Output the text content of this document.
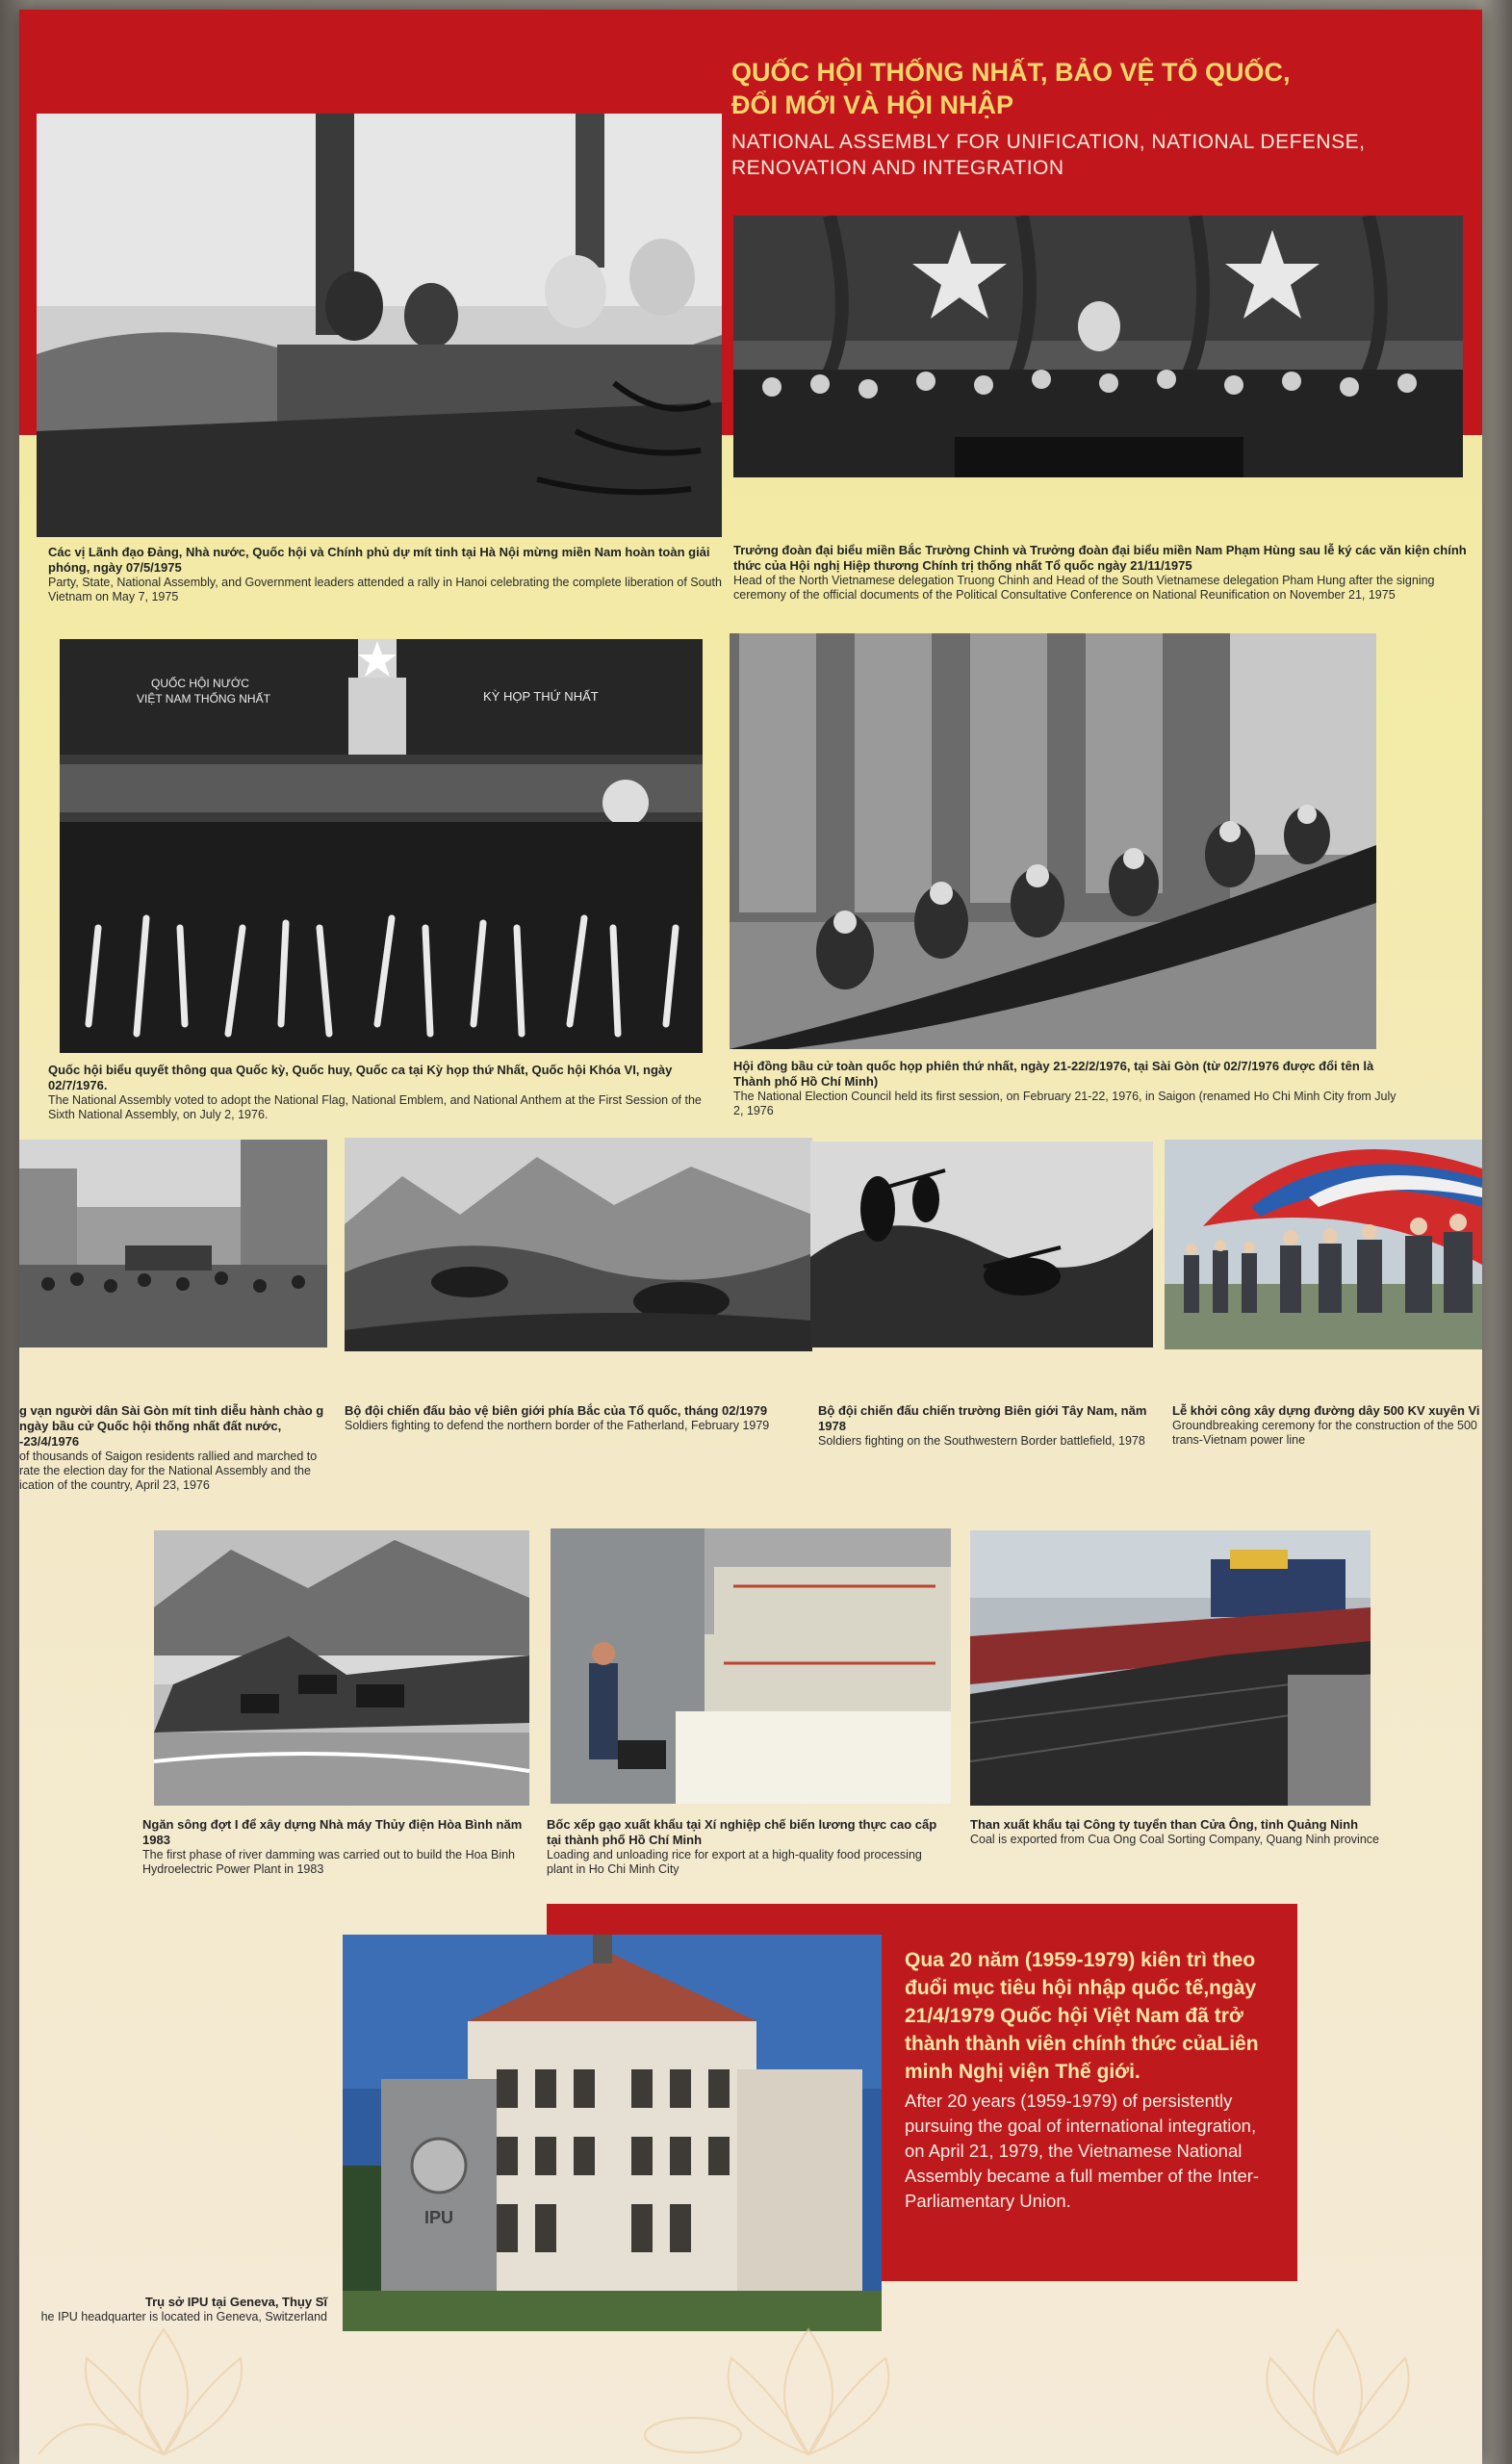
QUỐC HỘI THỐNG NHẤT, BẢO VỆ TỔ QUỐC,
ĐỔI MỚI VÀ HỘI NHẬP
NATIONAL ASSEMBLY FOR UNIFICATION, NATIONAL DEFENSE,
RENOVATION AND INTEGRATION
Các vị Lãnh đạo Đảng, Nhà nước, Quốc hội và Chính phủ dự mít tinh tại Hà Nội mừng miền Nam hoàn toàn giải phóng, ngày 07/5/1975
Party, State, National Assembly, and Government leaders attended a rally in Hanoi celebrating the complete liberation of South Vietnam on May 7, 1975
Trưởng đoàn đại biểu miền Bắc Trường Chinh và Trưởng đoàn đại biểu miền Nam Phạm Hùng sau lễ ký các văn kiện chính thức của Hội nghị Hiệp thương Chính trị thống nhất Tổ quốc ngày 21/11/1975
Head of the North Vietnamese delegation Truong Chinh and Head of the South Vietnamese delegation Pham Hung after the signing ceremony of the official documents of the Political Consultative Conference on National Reunification on November 21, 1975
QUỐC HỘI NƯỚC
VIỆT NAM THỐNG NHẤT	KỲ HỌP THỨ NHẤT
Quốc hội biểu quyết thông qua Quốc kỳ, Quốc huy, Quốc ca tại Kỳ họp thứ Nhất, Quốc hội Khóa VI, ngày 02/7/1976.
The National Assembly voted to adopt the National Flag, National Emblem, and National Anthem at the First Session of the Sixth National Assembly, on July 2, 1976.
Hội đồng bầu cử toàn quốc họp phiên thứ nhất, ngày 21-22/2/1976, tại Sài Gòn (từ 02/7/1976 được đổi tên là Thành phố Hồ Chí Minh)
The National Election Council held its first session, on February 21-22, 1976, in Saigon (renamed Ho Chi Minh City from July 2, 1976
g vạn người dân Sài Gòn mít tinh diễu hành chào g ngày bầu cử Quốc hội thống nhất đất nước, -23/4/1976
of thousands of Saigon residents rallied and marched to rate the election day for the National Assembly and the ication of the country, April 23, 1976
Bộ đội chiến đấu bảo vệ biên giới phía Bắc của Tổ quốc, tháng 02/1979
Soldiers fighting to defend the northern border of the Fatherland, February 1979
Bộ đội chiến đấu chiến trường Biên giới Tây Nam, năm 1978
Soldiers fighting on the Southwestern Border battlefield, 1978
Lễ khởi công xây dựng đường dây 500 KV xuyên Vi
Groundbreaking ceremony for the construction of the 500 trans-Vietnam power line
Ngăn sông đợt I để xây dựng Nhà máy Thủy điện Hòa Bình năm 1983
The first phase of river damming was carried out to build the Hoa Binh Hydroelectric Power Plant in 1983
Bốc xếp gạo xuất khẩu tại Xí nghiệp chế biến lương thực cao cấp tại thành phố Hồ Chí Minh
Loading and unloading rice for export at a high-quality food processing plant in Ho Chi Minh City
Than xuất khẩu tại Công ty tuyển than Cửa Ông, tỉnh Quảng Ninh
Coal is exported from Cua Ong Coal Sorting Company, Quang Ninh province
Qua 20 năm (1959-1979) kiên trì theo đuổi mục tiêu hội nhập quốc tế,ngày 21/4/1979 Quốc hội Việt Nam đã trở thành thành viên chính thức củaLiên minh Nghị viện Thế giới.
After 20 years (1959-1979) of persistently pursuing the goal of international integration, on April 21, 1979, the Vietnamese National Assembly became a full member of the Inter-Parliamentary Union.
IPU
Trụ sở IPU tại Geneva, Thụy Sĩ
he IPU headquarter is located in Geneva, Switzerland
